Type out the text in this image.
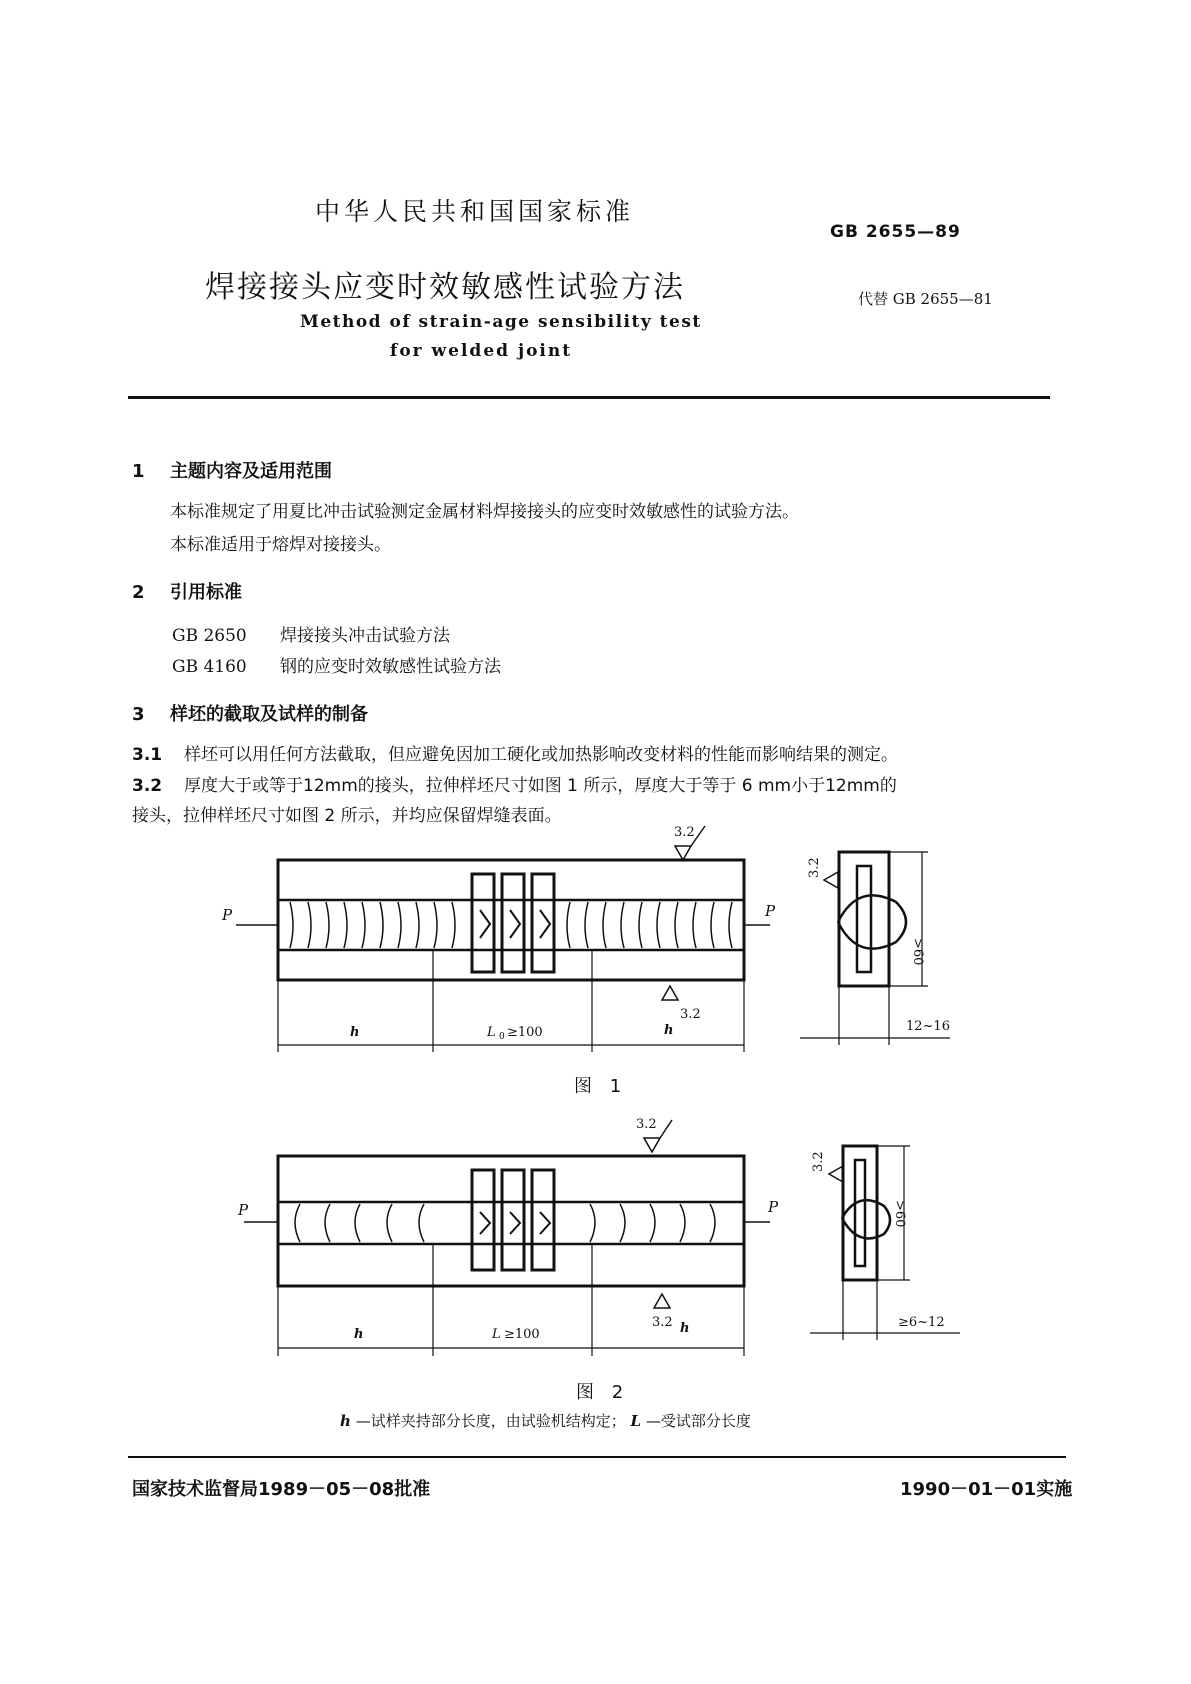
中华人民共和国国家标准
GB 2655—89
焊接接头应变时效敏感性试验方法	代替 GB 2655—81
Method of strain-age sensibility test
for welded joint
1 主题内容及适用范围
本标准规定了用夏比冲击试验测定金属材料焊接接头的应变时效敏感性的试验方法。
本标准适用于熔焊对接接头。
2 引用标准
GB 2650 焊接接头冲击试验方法
GB 4160 钢的应变时效敏感性试验方法
3 样坯的截取及试样的制备
3.1 样坯可以用任何方法截取，但应避免因加工硬化或加热影响改变材料的性能而影响结果的测定。
3.2 厚度大于或等于12mm的接头，拉伸样坯尺寸如图 1 所示，厚度大于等于 6 mm小于12mm的
接头，拉伸样坯尺寸如图 2 所示，并均应保留焊缝表面。
3.2
3.2
3.2
P	P
h	L 0 ≥100	h
>60
12~16
图 1
3.2
3.2
3.2
P	P
h	L ≥100	h
>60
≥6~12
图 2
h —试样夹持部分长度，由试验机结构定； L —受试部分长度
国家技术监督局1989－05－08批准	1990－01－01实施
